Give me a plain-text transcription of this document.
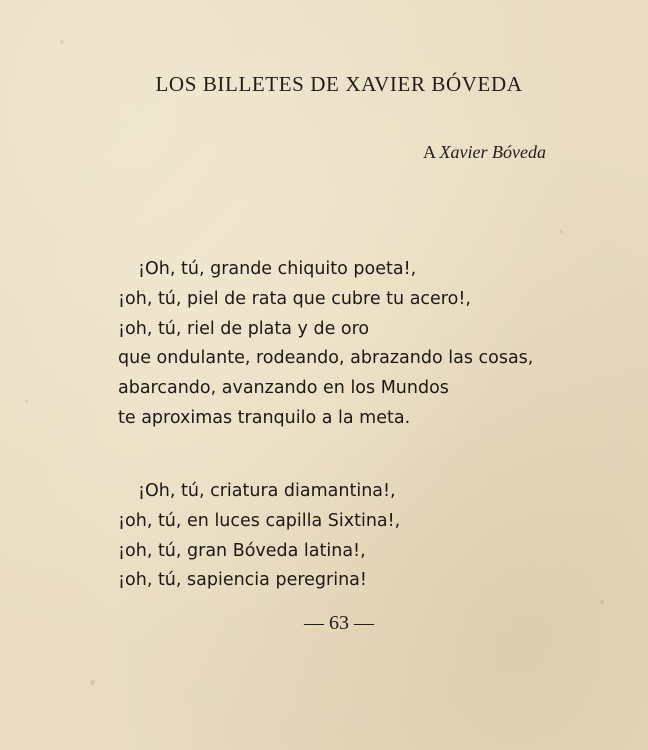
LOS BILLETES DE XAVIER BÓVEDA
A Xavier Bóveda
¡Oh, tú, grande chiquito poeta!,
¡oh, tú, piel de rata que cubre tu acero!,
¡oh, tú, riel de plata y de oro
que ondulante, rodeando, abrazando las cosas,
abarcando, avanzando en los Mundos
te aproximas tranquilo a la meta.
¡Oh, tú, criatura diamantina!,
¡oh, tú, en luces capilla Sixtina!,
¡oh, tú, gran Bóveda latina!,
¡oh, tú, sapiencia peregrina!
— 63 —
